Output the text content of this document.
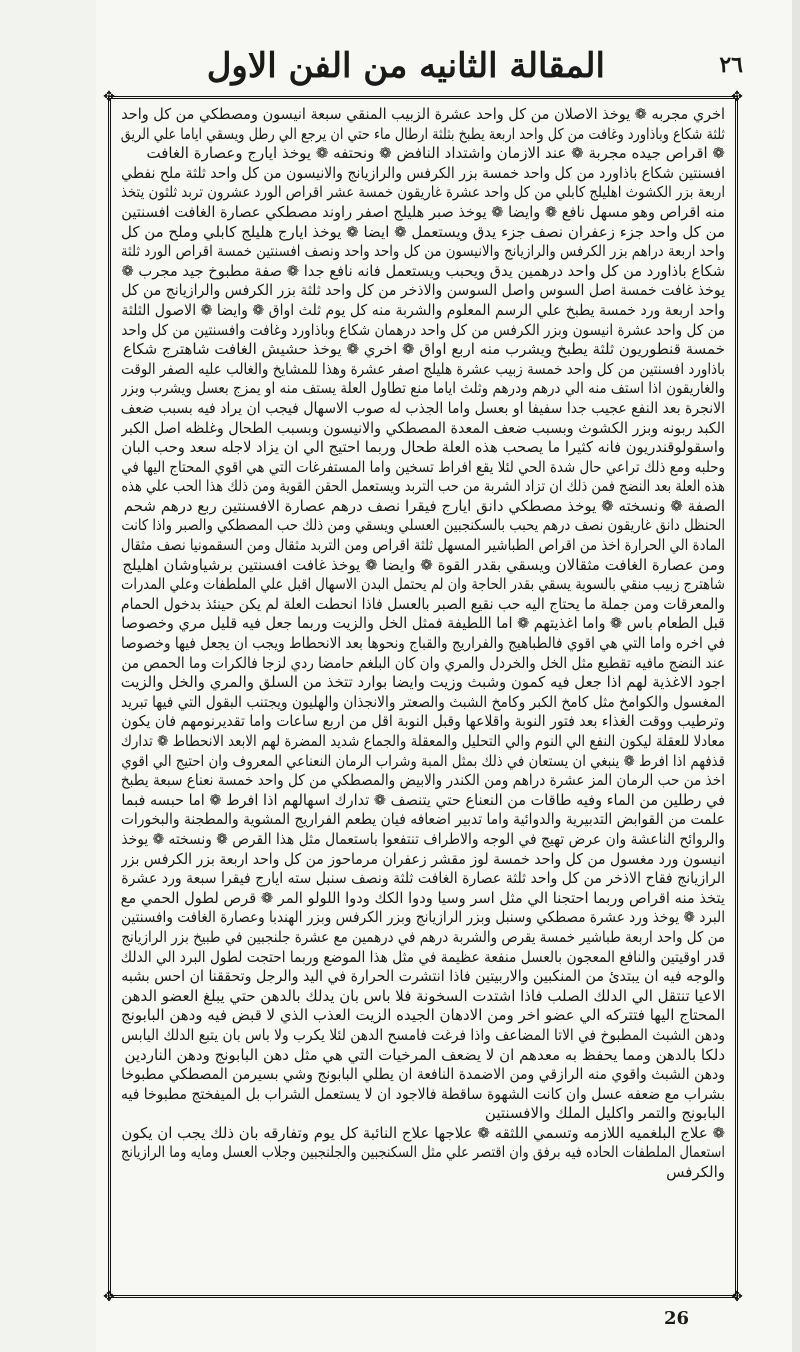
المقالة الثانيه من الفن الاول	٢٦
✥	✥
✥	✥
اخري مجربه ❁ يوخذ الاصلان من كل واحد عشرة الزبيب المنقي سبعة انيسون ومصطكي من كل واحد
ثلثة شكاع وباذاورد وغافت من كل واحد اربعة يطبخ بثلثة ارطال ماء حتي ان يرجع الي رطل ويسقي اياما علي الريق
❁ اقراص جيده مجربة ❁ عند الازمان واشتداد النافض ❁ ونحتفه ❁ يوخذ ايارج وعصارة الغافت
افسنتين شكاع باذاورد من كل واحد خمسة بزر الكرفس والرازيانج والانيسون من كل واحد ثلثة ملح نفطي
اربعة بزر الكشوث اهليلج كابلي من كل واحد عشرة غاريقون خمسة عشر اقراص الورد عشرون تربد ثلثون يتخذ
منه اقراص وهو مسهل نافع ❁ وايضا ❁ يوخذ صبر هليلج اصفر راوند مصطكي عصارة الغافت افسنتين
من كل واحد جزء زعفران نصف جزء يدق ويستعمل ❁ ايضا ❁ يوخذ ايارج هليلج كابلي وملح من كل
واحد اربعة دراهم بزر الكرفس والرازيانج والانيسون من كل واحد واحد ونصف افسنتين خمسة اقراص الورد ثلثة
شكاع باذاورد من كل واحد درهمين يدق ويحبب ويستعمل فانه نافع جدا ❁ صفة مطبوخ جيد مجرب ❁
يوخذ غافت خمسة اصل السوس واصل السوسن والاذخر من كل واحد ثلثة بزر الكرفس والرازيانج من كل
واحد اربعة ورد خمسة يطبخ علي الرسم المعلوم والشربة منه كل يوم ثلث اواق ❁ وايضا ❁ الاصول الثلثة
من كل واحد عشرة انيسون وبزر الكرفس من كل واحد درهمان شكاع وباذاورد وغافت وافسنتين من كل واحد
خمسة قنطوريون ثلثة يطبخ ويشرب منه اربع اواق ❁ اخري ❁ يوخذ حشيش الغافت شاهترج شكاع
باذاورد افسنتين من كل واحد خمسة زبيب عشرة هليلج اصفر عشرة وهذا للمشايخ والغالب عليه الصفر الوقت
والغاريقون اذا استف منه الي درهم ودرهم وثلث اياما منع تطاول العلة يستف منه او يمزج بعسل ويشرب وبزر
الانجرة بعد النفع عجيب جدا سفيفا او بعسل واما الجذب له صوب الاسهال فيجب ان يراد فيه بسبب ضعف
الكبد ربونه وبزر الكشوث وبسبب ضعف المعدة المصطكي والانيسون وبسبب الطحال وغلظه اصل الكبر
واسقولوقندريون فانه كثيرا ما يصحب هذه العلة طحال وربما احتيج الي ان يزاد لاجله سعد وحب البان
وحلبه ومع ذلك تراعي حال شدة الحي لئلا يقع افراط تسخين واما المستفرغات التي هي اقوي المحتاج اليها في
هذه العلة بعد النضج فمن ذلك ان تزاد الشربة من حب التربد ويستعمل الحقن القوية ومن ذلك هذا الحب علي هذه
الصفة ❁ ونسخته ❁ يوخذ مصطكي دانق ايارج فيقرا نصف درهم عصارة الافسنتين ربع درهم شحم
الحنظل دانق غاريقون نصف درهم يحبب بالسكنجبين العسلي ويسقي ومن ذلك حب المصطكي والصبر واذا كانت
المادة الي الحرارة اخذ من اقراص الطباشير المسهل ثلثة اقراص ومن التربد مثقال ومن السقمونيا نصف مثقال
ومن عصارة الغافت مثقالان ويسقي بقدر القوة ❁ وايضا ❁ يوخذ غافت افسنتين برشياوشان اهليلج
شاهترج زبيب منقي بالسوية يسقي بقدر الحاجة وان لم يحتمل البدن الاسهال اقبل علي الملطفات وعلي المدرات
والمعرقات ومن جملة ما يحتاج اليه حب نقيع الصبر بالعسل فاذا انحطت العلة لم يكن حينئذ بدخول الحمام
قبل الطعام باس ❁ واما اغذيتهم ❁ اما اللطيفة فمثل الخل والزيت وربما جعل فيه قليل مري وخصوصا
في اخره واما التي هي اقوي فالطباهيج والفراريج والقباج ونحوها بعد الانحطاط ويجب ان يجعل فيها وخصوصا
عند النضج مافيه تقطيع مثل الخل والخردل والمري وان كان البلغم حامضا ردي لزجا فالكرات وما الحمص من
اجود الاغذية لهم اذا جعل فيه كمون وشبث وزيت وايضا بوارد تتخذ من السلق والمري والخل والزيت
المغسول والكوامخ مثل كامخ الكبر وكامخ الشبث والصعتر والانجذان والهليون ويجتنب البقول التي فيها تبريد
وترطيب ووقت الغذاء بعد فتور النوبة واقلاعها وقبل النوبة اقل من اربع ساعات واما تقديرنومهم فان يكون
معادلا للعقلة ليكون النفع الي النوم والي التحليل والمعقلة والجماع شديد المضرة لهم الابعد الانحطاط ❁ تدارك
قذفهم اذا افرط ❁ ينبغي ان يستعان في ذلك بمثل المبة وشراب الرمان النعناعي المعروف وان احتيج الي اقوي
اخذ من حب الرمان المز عشرة دراهم ومن الكندر والابيض والمصطكي من كل واحد خمسة نعناع سبعة يطبخ
في رطلين من الماء وفيه طاقات من النعناع حتي يتنصف ❁ تدارك اسهالهم اذا افرط ❁ اما حبسه فبما
علمت من القوابض التدبيرية والدوائية واما تدبير اضعافه فيان يطعم الفراريج المشوية والمطجنة والبخورات
والروائح الناعشة وان عرض تهيج في الوجه والاطراف تنتفعوا باستعمال مثل هذا القرص ❁ ونسخته ❁ يوخذ
انيسون ورد مغسول من كل واحد خمسة لوز مقشر زعفران مرماحوز من كل واحد اربعة بزر الكرفس بزر
الرازيانج فقاح الاذخر من كل واحد ثلثة عصارة الغافت ثلثة ونصف سنبل سته ايارج فيقرا سبعة ورد عشرة
يتخذ منه اقراص وربما احتجنا الي مثل اسر وسيا ودوا الكك ودوا اللولو المر ❁ قرص لطول الحمي مع
البرد ❁ يوخذ ورد عشرة مصطكي وسنبل وبزر الرازيانج وبزر الكرفس وبزر الهندبا وعصارة الغافت وافسنتين
من كل واحد اربعة طباشير خمسة يقرص والشربة درهم في درهمين مع عشرة جلنجبين في طبيخ بزر الرازيانج
قدر اوقيتين والنافع المعجون بالعسل منفعة عظيمة في مثل هذا الموضع وربما احتجت لطول البرد الي الدلك
والوجه فيه ان يبتدئ من المنكبين والاربيتين فاذا انتشرت الحرارة في اليد والرجل وتحققنا ان احس بشبه
الاعيا تنتقل الي الدلك الصلب فاذا اشتدت السخونة فلا باس بان يدلك بالدهن حتي يبلغ العضو الدهن
المحتاج اليها فتتركه الي عضو اخر ومن الادهان الجيده الزيت العذب الذي لا قبض فيه ودهن البابونج
ودهن الشبث المطبوخ في الاتا المضاعف واذا فرغت فامسح الدهن لئلا يكرب ولا باس بان يتبع الدلك اليابس
دلكا بالدهن ومما يحفظ به معدهم ان لا يضعف المرخيات التي هي مثل دهن البابونج ودهن الناردين
ودهن الشبث واقوي منه الرازقي ومن الاضمدة النافعة ان يطلي البابونج وشي بسيرمن المصطكي مطبوخا
بشراب مع ضعفه عسل وان كانت الشهوة ساقطة فالاجود ان لا يستعمل الشراب بل الميفختج مطبوخا فيه
البابونج والتمر واكليل الملك والافسنتين
❁ علاج البلغميه اللازمه وتسمي اللثقه ❁ علاجها علاج النائبة كل يوم وتفارقه بان ذلك يجب ان يكون
استعمال الملطفات الحاده فيه برفق وان اقتصر علي مثل السكنجبين والجلنجبين وجلاب العسل ومايه وما الرازيانج
والكرفس
26
